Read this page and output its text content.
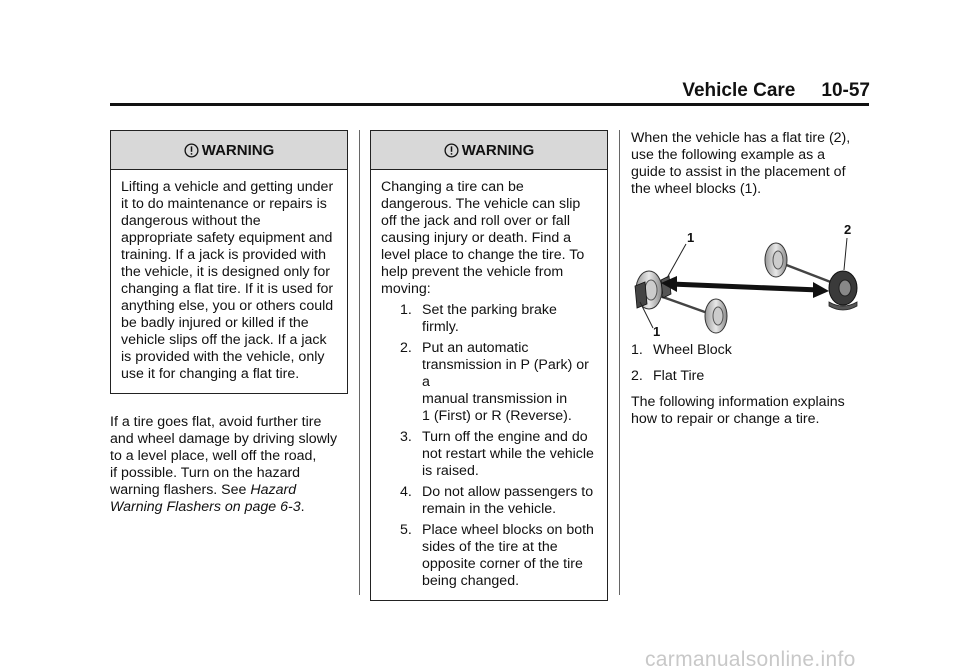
Vehicle Care 10-57
WARNING

Lifting a vehicle and getting under

it to do maintenance or repairs is

dangerous without the

appropriate safety equipment and

training. If a jack is provided with

the vehicle, it is designed only for

changing a flat tire. If it is used for

anything else, you or others could

be badly injured or killed if the

vehicle slips off the jack. If a jack

is provided with the vehicle, only

use it for changing a flat tire.

If a tire goes flat, avoid further tire

and wheel damage by driving slowly

to a level place, well off the road,

if possible. Turn on the hazard

warning flashers. See Hazard

Warning Flashers on page 6-3.

WARNING

Changing a tire can be

dangerous. The vehicle can slip

off the jack and roll over or fall

causing injury or death. Find a

level place to change the tire. To

help prevent the vehicle from

moving:

1. Set the parking brake firmly.
2. Put an automatic
transmission in P (Park) or a
manual transmission in
1 (First) or R (Reverse).
3. Turn off the engine and do
not restart while the vehicle
is raised.
4. Do not allow passengers to
remain in the vehicle.
5. Place wheel blocks on both
sides of the tire at the
opposite corner of the tire
being changed.

When the vehicle has a flat tire (2),

use the following example as a

guide to assist in the placement of

the wheel blocks (1).

1
1
2
1. Wheel Block
2. Flat Tire

The following information explains

how to repair or change a tire.

carmanualsonline.info
